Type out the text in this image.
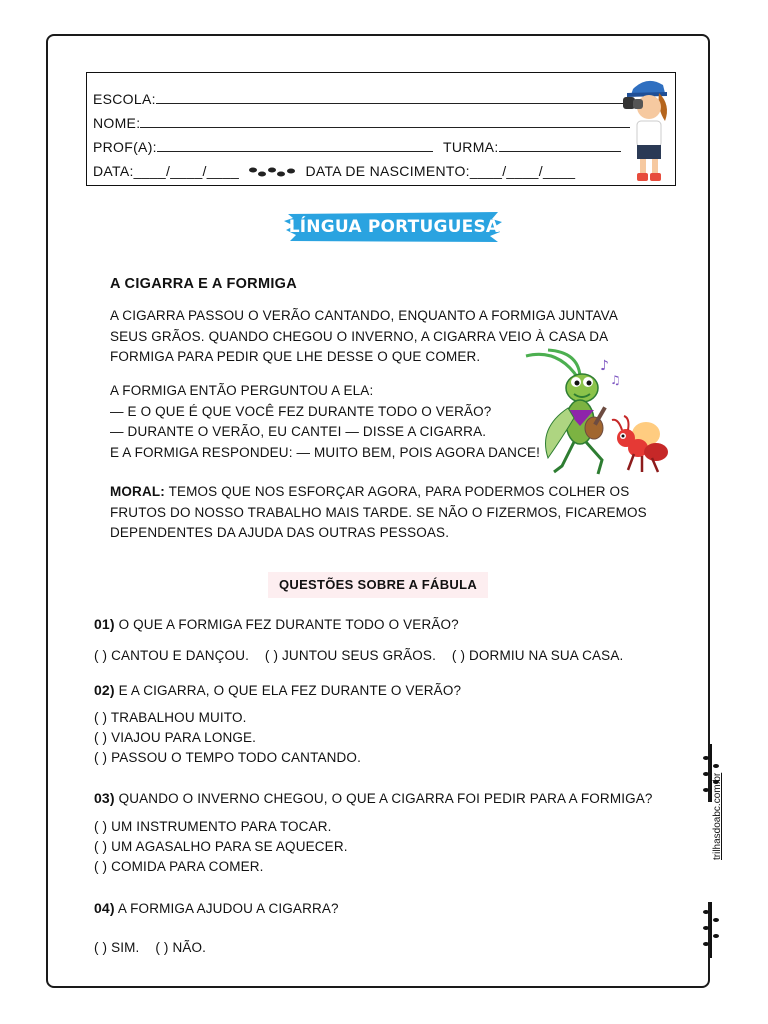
ESCOLA:
NOME:
PROF(A):	TURMA:
DATA:____/____/____	DATA DE NASCIMENTO:____/____/____
LÍNGUA PORTUGUESA
A CIGARRA E A FORMIGA
A CIGARRA PASSOU O VERÃO CANTANDO, ENQUANTO A FORMIGA JUNTAVA SEUS GRÃOS. QUANDO CHEGOU O INVERNO, A CIGARRA VEIO À CASA DA FORMIGA PARA PEDIR QUE LHE DESSE O QUE COMER.
A FORMIGA ENTÃO PERGUNTOU A ELA:
— E O QUE É QUE VOCÊ FEZ DURANTE TODO O VERÃO?
— DURANTE O VERÃO, EU CANTEI — DISSE A CIGARRA.
E A FORMIGA RESPONDEU: — MUITO BEM, POIS AGORA DANCE!
MORAL: TEMOS QUE NOS ESFORÇAR AGORA, PARA PODERMOS COLHER OS FRUTOS DO NOSSO TRABALHO MAIS TARDE. SE NÃO O FIZERMOS, FICAREMOS DEPENDENTES DA AJUDA DAS OUTRAS PESSOAS.
♪
♫
QUESTÕES SOBRE A FÁBULA
01) O QUE A FORMIGA FEZ DURANTE TODO O VERÃO?
( ) CANTOU E DANÇOU. ( ) JUNTOU SEUS GRÃOS. ( ) DORMIU NA SUA CASA.
02) E A CIGARRA, O QUE ELA FEZ DURANTE O VERÃO?
( ) TRABALHOU MUITO.
( ) VIAJOU PARA LONGE.
( ) PASSOU O TEMPO TODO CANTANDO.
03) QUANDO O INVERNO CHEGOU, O QUE A CIGARRA FOI PEDIR PARA A FORMIGA?
( ) UM INSTRUMENTO PARA TOCAR.
( ) UM AGASALHO PARA SE AQUECER.
( ) COMIDA PARA COMER.
04) A FORMIGA AJUDOU A CIGARRA?
( ) SIM. ( ) NÃO.
trilhasdoabc.com.br
